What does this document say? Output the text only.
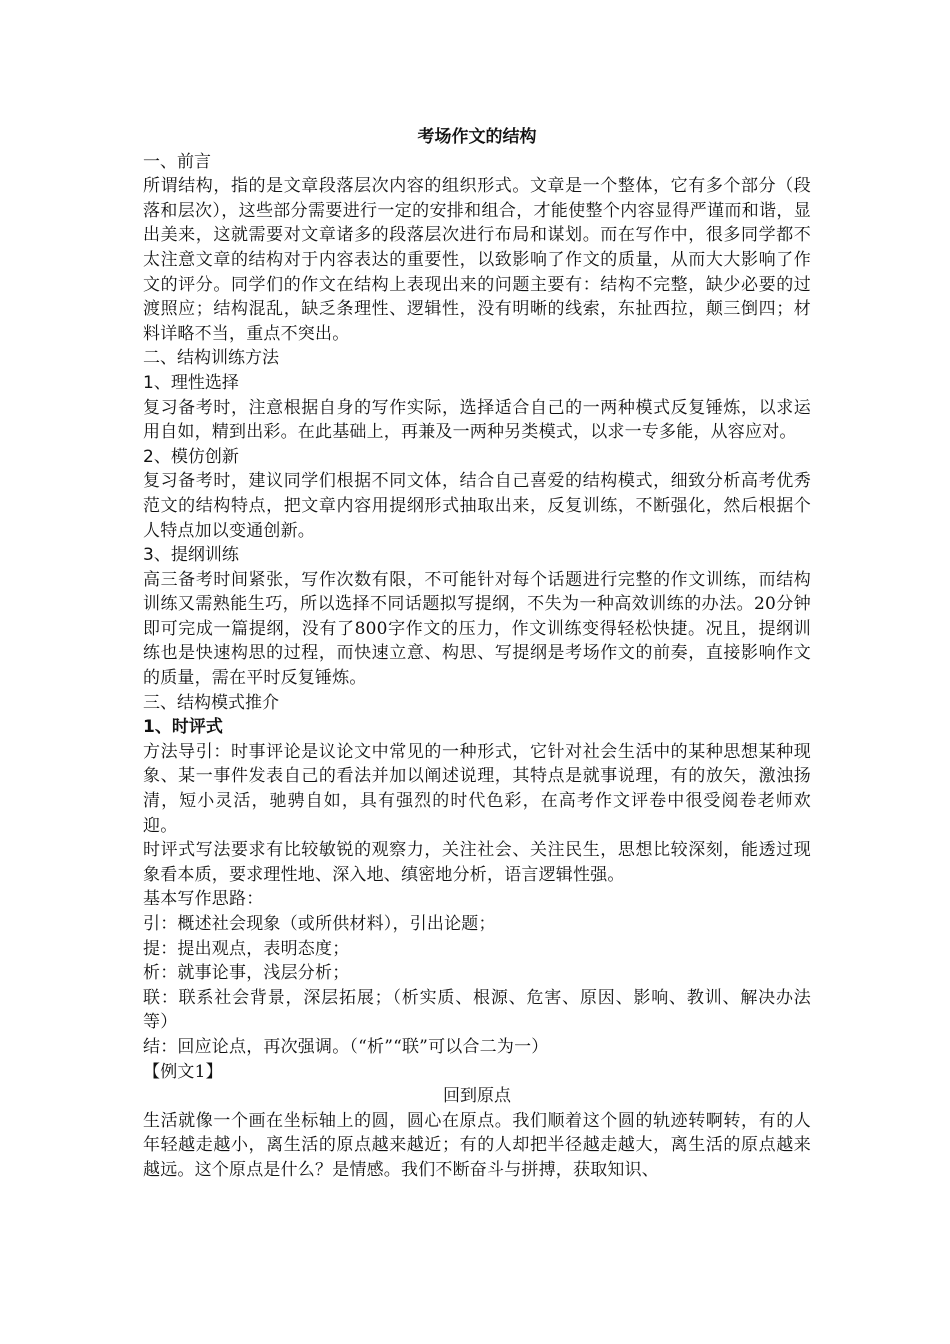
考场作文的结构

一、前言

所谓结构，指的是文章段落层次内容的组织形式。文章是一个整体，它有多个部分（段落和层次），这些部分需要进行一定的安排和组合，才能使整个内容显得严谨而和谐，显出美来，这就需要对文章诸多的段落层次进行布局和谋划。而在写作中，很多同学都不太注意文章的结构对于内容表达的重要性，以致影响了作文的质量，从而大大影响了作文的评分。同学们的作文在结构上表现出来的问题主要有：结构不完整，缺少必要的过渡照应；结构混乱，缺乏条理性、逻辑性，没有明晰的线索，东扯西拉，颠三倒四；材料详略不当，重点不突出。

二、结构训练方法

1、理性选择

复习备考时，注意根据自身的写作实际，选择适合自己的一两种模式反复锤炼，以求运用自如，精到出彩。在此基础上，再兼及一两种另类模式，以求一专多能，从容应对。

2、模仿创新

复习备考时，建议同学们根据不同文体，结合自己喜爱的结构模式，细致分析高考优秀范文的结构特点，把文章内容用提纲形式抽取出来，反复训练，不断强化，然后根据个人特点加以变通创新。

3、提纲训练

高三备考时间紧张，写作次数有限，不可能针对每个话题进行完整的作文训练，而结构训练又需熟能生巧，所以选择不同话题拟写提纲，不失为一种高效训练的办法。20分钟即可完成一篇提纲，没有了800字作文的压力，作文训练变得轻松快捷。况且，提纲训练也是快速构思的过程，而快速立意、构思、写提纲是考场作文的前奏，直接影响作文的质量，需在平时反复锤炼。

三、结构模式推介

1、时评式

方法导引：时事评论是议论文中常见的一种形式，它针对社会生活中的某种思想某种现象、某一事件发表自己的看法并加以阐述说理，其特点是就事说理，有的放矢，激浊扬清，短小灵活，驰骋自如，具有强烈的时代色彩，在高考作文评卷中很受阅卷老师欢迎。

时评式写法要求有比较敏锐的观察力，关注社会、关注民生，思想比较深刻，能透过现象看本质，要求理性地、深入地、缜密地分析，语言逻辑性强。

基本写作思路：

引：概述社会现象（或所供材料），引出论题；

提：提出观点，表明态度；

析：就事论事，浅层分析；

联：联系社会背景，深层拓展；（析实质、根源、危害、原因、影响、教训、解决办法等）

结：回应论点，再次强调。（“析”“联”可以合二为一）

【例文1】

回到原点

生活就像一个画在坐标轴上的圆，圆心在原点。我们顺着这个圆的轨迹转啊转，有的人年轻越走越小，离生活的原点越来越近；有的人却把半径越走越大，离生活的原点越来越远。这个原点是什么？是情感。我们不断奋斗与拼搏，获取知识、
